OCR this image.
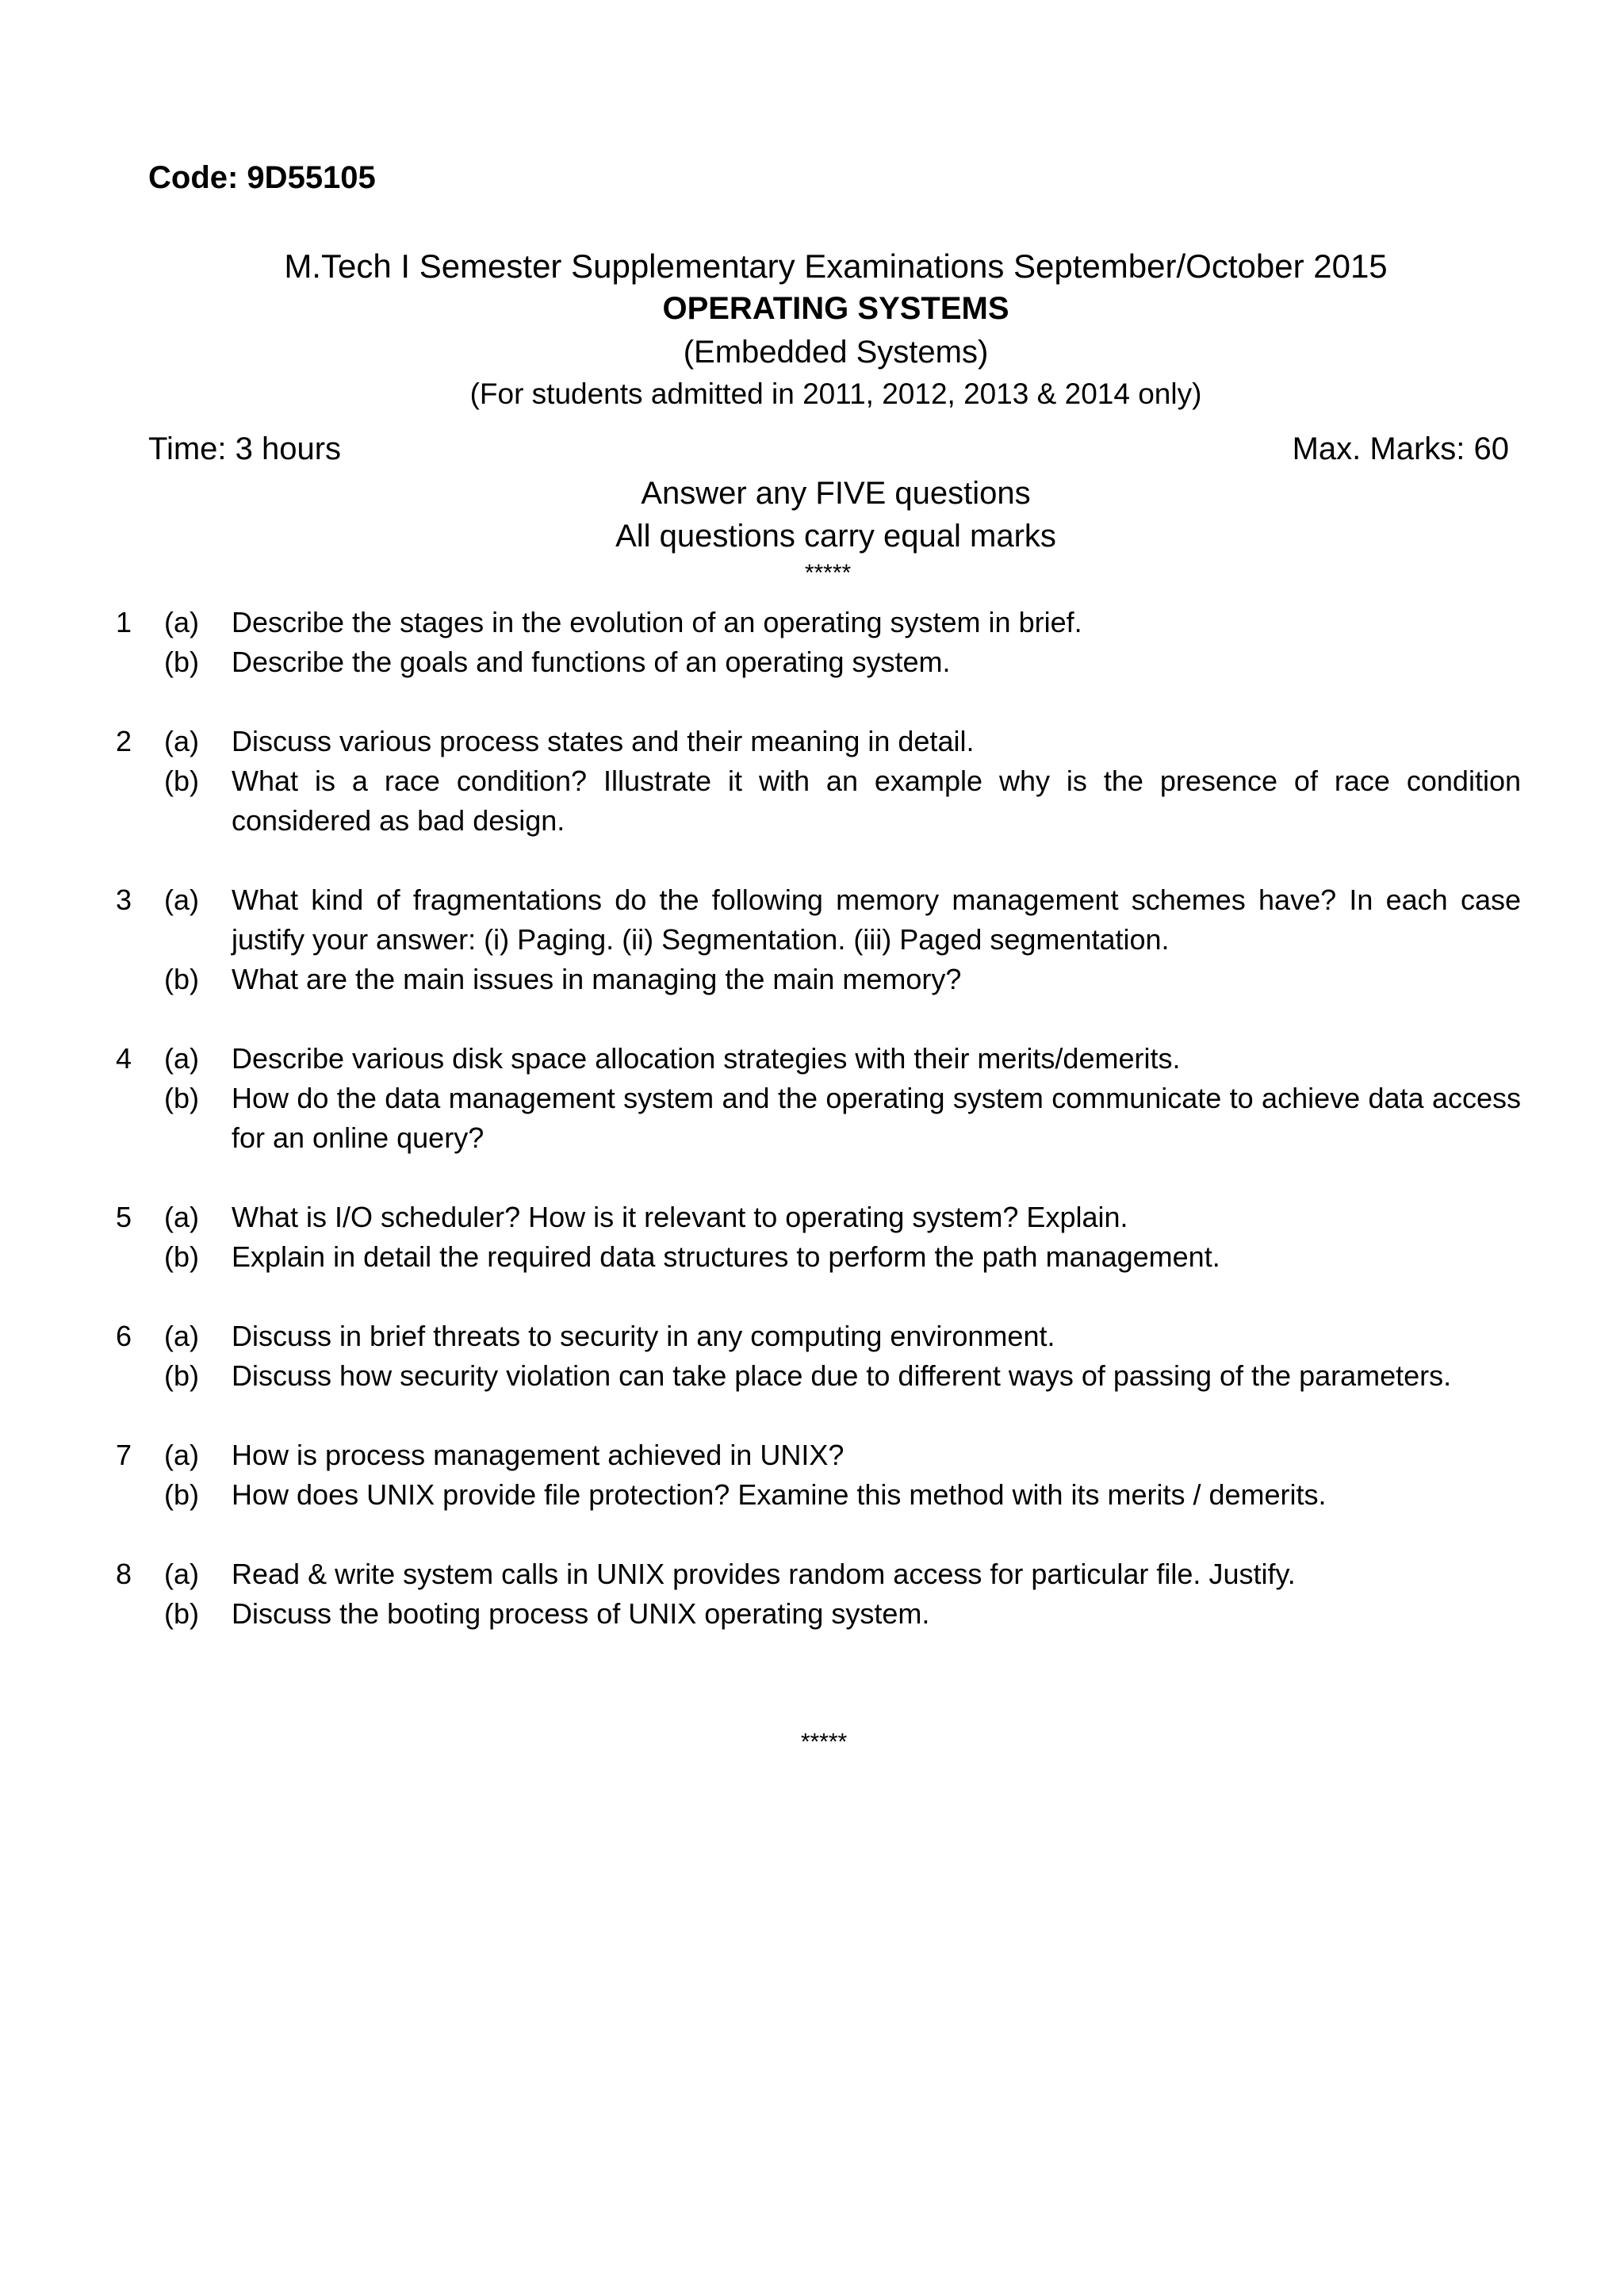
Code: 9D55105
M.Tech I Semester Supplementary Examinations September/October 2015
OPERATING SYSTEMS
(Embedded Systems)
(For students admitted in 2011, 2012, 2013 & 2014 only)
Time: 3 hours	Max. Marks: 60
Answer any FIVE questions
All questions carry equal marks
*****
1 (a) Describe the stages in the evolution of an operating system in brief.
(b) Describe the goals and functions of an operating system.
2 (a) Discuss various process states and their meaning in detail.
(b) What is a race condition? Illustrate it with an example why is the presence of race condition considered as bad design.
3 (a) What kind of fragmentations do the following memory management schemes have? In each case justify your answer: (i) Paging. (ii) Segmentation. (iii) Paged segmentation.
(b) What are the main issues in managing the main memory?
4 (a) Describe various disk space allocation strategies with their merits/demerits.
(b) How do the data management system and the operating system communicate to achieve data access for an online query?
5 (a) What is I/O scheduler? How is it relevant to operating system? Explain.
(b) Explain in detail the required data structures to perform the path management.
6 (a) Discuss in brief threats to security in any computing environment.
(b) Discuss how security violation can take place due to different ways of passing of the parameters.
7 (a) How is process management achieved in UNIX?
(b) How does UNIX provide file protection? Examine this method with its merits / demerits.
8 (a) Read & write system calls in UNIX provides random access for particular file. Justify.
(b) Discuss the booting process of UNIX operating system.
*****
